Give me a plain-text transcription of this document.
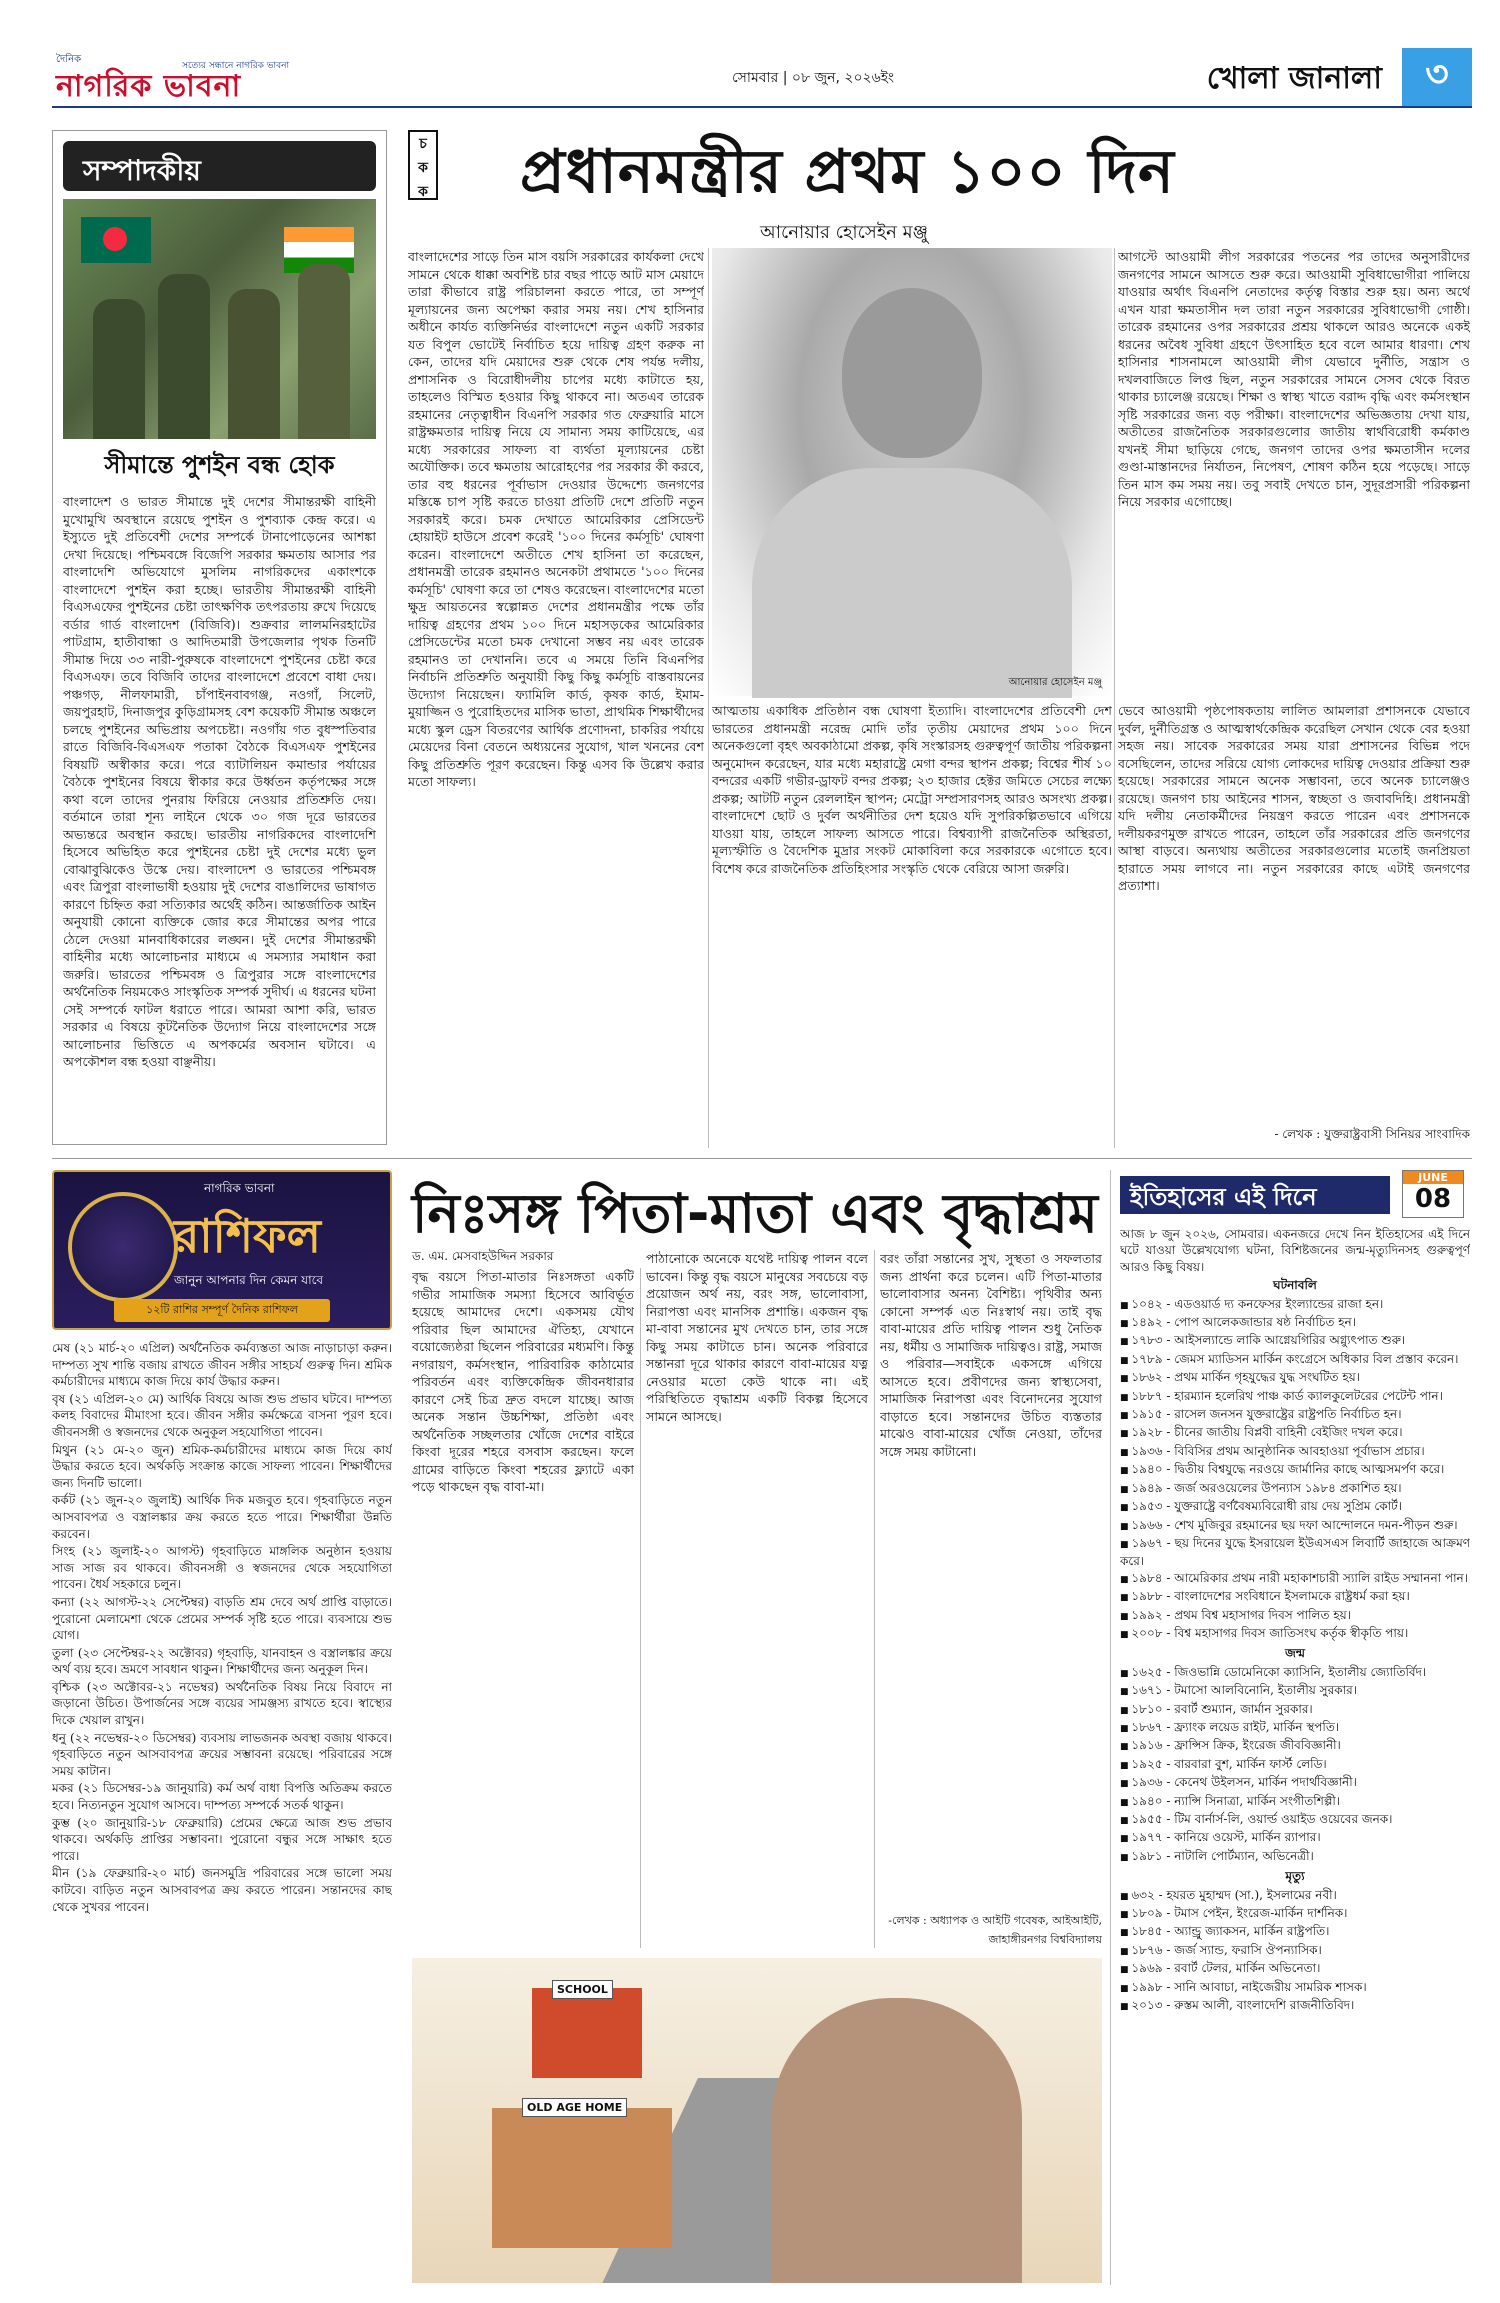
দৈনিক
নাগরিক ভাবনা
সত্যের সন্ধানে নাগরিক ভাবনা
সোমবার | ০৮ জুন, ২০২৬ইং	খোলা জানালা	৩
সম্পাদকীয়
সীমান্তে পুশইন বন্ধ হোক
বাংলাদেশ ও ভারত সীমান্তে দুই দেশের সীমান্তরক্ষী বাহিনী মুখোমুখি অবস্থানে রয়েছে পুশইন ও পুশব্যাক কেন্দ্র করে। এ ইস্যুতে দুই প্রতিবেশী দেশের সম্পর্কে টানাপোড়েনের আশঙ্কা দেখা দিয়েছে। পশ্চিমবঙ্গে বিজেপি সরকার ক্ষমতায় আসার পর বাংলাদেশি অভিযোগে মুসলিম নাগরিকদের একাংশকে বাংলাদেশে পুশইন করা হচ্ছে। ভারতীয় সীমান্তরক্ষী বাহিনী বিএসএফের পুশইনের চেষ্টা তাৎক্ষণিক তৎপরতায় রুখে দিয়েছে বর্ডার গার্ড বাংলাদেশ (বিজিবি)। শুক্রবার লালমনিরহাটের পাটগ্রাম, হাতীবান্ধা ও আদিতমারী উপজেলার পৃথক তিনটি সীমান্ত দিয়ে ৩৩ নারী-পুরুষকে বাংলাদেশে পুশইনের চেষ্টা করে বিএসএফ। তবে বিজিবি তাদের বাংলাদেশে প্রবেশে বাধা দেয়। পঞ্চগড়, নীলফামারী, চাঁপাইনবাবগঞ্জ, নওগাঁ, সিলেট, জয়পুরহাট, দিনাজপুর কুড়িগ্রামসহ বেশ কয়েকটি সীমান্ত অঞ্চলে চলছে পুশইনের অভিপ্রায় অপচেষ্টা। নওগাঁয় গত বুধস্পতিবার রাতে বিজিবি-বিএসএফ পতাকা বৈঠকে বিএসএফ পুশইনের বিষয়টি অস্বীকার করে। পরে ব্যাটালিয়ন কমান্ডার পর্যায়ের বৈঠকে পুশইনের বিষয়ে স্বীকার করে উর্ধ্বতন কর্তৃপক্ষের সঙ্গে কথা বলে তাদের পুনরায় ফিরিয়ে নেওয়ার প্রতিশ্রুতি দেয়। বর্তমানে তারা শূন্য লাইনে থেকে ৩০ গজ দূরে ভারতের অভ্যন্তরে অবস্থান করছে। ভারতীয় নাগরিকদের বাংলাদেশি হিসেবে অভিহিত করে পুশইনের চেষ্টা দুই দেশের মধ্যে ভুল বোঝাবুঝিকেও উস্কে দেয়। বাংলাদেশ ও ভারতের পশ্চিমবঙ্গ এবং ত্রিপুরা বাংলাভাষী হওয়ায় দুই দেশের বাঙালিদের ভাষাগত কারণে চিহ্নিত করা সত্যিকার অর্থেই কঠিন। আন্তর্জাতিক আইন অনুযায়ী কোনো ব্যক্তিকে জোর করে সীমান্তের অপর পারে ঠেলে দেওয়া মানবাধিকারের লঙ্ঘন। দুই দেশের সীমান্তরক্ষী বাহিনীর মধ্যে আলোচনার মাধ্যমে এ সমস্যার সমাধান করা জরুরি। ভারতের পশ্চিমবঙ্গ ও ত্রিপুরার সঙ্গে বাংলাদেশের অর্থনৈতিক নিয়মকেও সাংস্কৃতিক সম্পর্ক সুদীর্ঘ। এ ধরনের ঘটনা সেই সম্পর্কে ফাটল ধরাতে পারে। আমরা আশা করি, ভারত সরকার এ বিষয়ে কূটনৈতিক উদ্যোগ নিয়ে বাংলাদেশের সঙ্গে আলোচনার ভিত্তিতে এ অপকর্মের অবসান ঘটাবে। এ অপকৌশল বন্ধ হওয়া বাঞ্ছনীয়।
চ
ক
ক প্রধানমন্ত্রীর প্রথম ১০০ দিন
আনোয়ার হোসেইন মঞ্জু
বাংলাদেশের সাড়ে তিন মাস বয়সি সরকারের কার্যকলা দেখে সামনে থেকে ধাক্কা অবশিষ্ট চার বছর পাড়ে আট মাস মেয়াদে তারা কীভাবে রাষ্ট্র পরিচালনা করতে পারে, তা সম্পূর্ণ মূল্যায়নের জন্য অপেক্ষা করার সময় নয়। শেখ হাসিনার অধীনে কার্যত ব্যক্তিনির্ভর বাংলাদেশে নতুন একটি সরকার যত বিপুল ভোটেই নির্বাচিত হয়ে দায়িত্ব গ্রহণ করুক না কেন, তাদের যদি মেয়াদের শুরু থেকে শেষ পর্যন্ত দলীয়, প্রশাসনিক ও বিরোধীদলীয় চাপের মধ্যে কাটাতে হয়, তাহলেও বিস্মিত হওয়ার কিছু থাকবে না। অতএব তারেক রহমানের নেতৃত্বাধীন বিএনপি সরকার গত ফেব্রুয়ারি মাসে রাষ্ট্রক্ষমতার দায়িত্ব নিয়ে যে সামান্য সময় কাটিয়েছে, এর মধ্যে সরকারের সাফল্য বা ব্যর্থতা মূল্যায়নের চেষ্টা অযৌক্তিক। তবে ক্ষমতায় আরোহণের পর সরকার কী করবে, তার বহু ধরনের পূর্বাভাস দেওয়ার উদ্দেশ্যে জনগণের মস্তিষ্কে চাপ সৃষ্টি করতে চাওয়া প্রতিটি দেশে প্রতিটি নতুন সরকারই করে। চমক দেখাতে আমেরিকার প্রেসিডেন্ট হোয়াইট হাউসে প্রবেশ করেই '১০০ দিনের কর্মসূচি' ঘোষণা করেন। বাংলাদেশে অতীতে শেখ হাসিনা তা করেছেন, প্রধানমন্ত্রী তারেক রহমানও অনেকটা প্রথামতে '১০০ দিনের কর্মসূচি' ঘোষণা করে তা শেষও করেছেন। বাংলাদেশের মতো ক্ষুদ্র আয়তনের স্বল্পোন্নত দেশের প্রধানমন্ত্রীর পক্ষে তাঁর দায়িত্ব গ্রহণের প্রথম ১০০ দিনে মহাসড়কের আমেরিকার প্রেসিডেন্টের মতো চমক দেখানো সম্ভব নয় এবং তারেক রহমানও তা দেখাননি। তবে এ সময়ে তিনি বিএনপির নির্বাচনি প্রতিশ্রুতি অনুযায়ী কিছু কিছু কর্মসূচি বাস্তবায়নের উদ্যোগ নিয়েছেন। ফ্যামিলি কার্ড, কৃষক কার্ড, ইমাম-মুয়াজ্জিন ও পুরোহিতদের মাসিক ভাতা, প্রাথমিক শিক্ষার্থীদের মধ্যে স্কুল ড্রেস বিতরণের আর্থিক প্রণোদনা, চাকরির পর্যায়ে মেয়েদের বিনা বেতনে অধ্যয়নের সুযোগ, খাল খননের বেশ কিছু প্রতিশ্রুতি পূরণ করেছেন। কিন্তু এসব কি উল্লেখ করার মতো সাফল্য।
আনোয়ার হোসেইন মঞ্জু
আগস্টে আওয়ামী লীগ সরকারের পতনের পর তাদের অনুসারীদের জনগণের সামনে আসতে শুরু করে। আওয়ামী সুবিধাভোগীরা পালিয়ে যাওয়ার অর্থাৎ বিএনপি নেতাদের কর্তৃত্ব বিস্তার শুরু হয়। অন্য অর্থে এখন যারা ক্ষমতাসীন দল তারা নতুন সরকারের সুবিধাভোগী গোষ্ঠী। তারেক রহমানের ওপর সরকারের প্রশ্রয় থাকলে আরও অনেকে একই ধরনের অবৈধ সুবিধা গ্রহণে উৎসাহিত হবে বলে আমার ধারণা। শেখ হাসিনার শাসনামলে আওয়ামী লীগ যেভাবে দুর্নীতি, সন্ত্রাস ও দখলবাজিতে লিপ্ত ছিল, নতুন সরকারের সামনে সেসব থেকে বিরত থাকার চ্যালেঞ্জ রয়েছে। শিক্ষা ও স্বাস্থ্য খাতে বরাদ্দ বৃদ্ধি এবং কর্মসংস্থান সৃষ্টি সরকারের জন্য বড় পরীক্ষা। বাংলাদেশের অভিজ্ঞতায় দেখা যায়, অতীতের রাজনৈতিক সরকারগুলোর জাতীয় স্বার্থবিরোধী কর্মকাণ্ড যখনই সীমা ছাড়িয়ে গেছে, জনগণ তাদের ওপর ক্ষমতাসীন দলের গুণ্ডা-মাস্তানদের নির্যাতন, নিপেষণ, শোষণ কঠিন হয়ে পড়েছে। সাড়ে তিন মাস কম সময় নয়। তবু সবাই দেখতে চান, সুদূরপ্রসারী পরিকল্পনা নিয়ে সরকার এগোচ্ছে।
আত্মতায় একাধিক প্রতিষ্ঠান বন্ধ ঘোষণা ইত্যাদি। বাংলাদেশের প্রতিবেশী দেশ ভারতের প্রধানমন্ত্রী নরেন্দ্র মোদি তাঁর তৃতীয় মেয়াদের প্রথম ১০০ দিনে অনেকগুলো বৃহৎ অবকাঠামো প্রকল্প, কৃষি সংস্কারসহ গুরুত্বপূর্ণ জাতীয় পরিকল্পনা অনুমোদন করেছেন, যার মধ্যে মহারাষ্ট্রে মেগা বন্দর স্থাপন প্রকল্প; বিশ্বের শীর্ষ ১০ বন্দরের একটি গভীর-ড্রাফট বন্দর প্রকল্প; ২৩ হাজার হেক্টর জমিতে সেচের লক্ষ্যে প্রকল্প; আটটি নতুন রেললাইন স্থাপন; মেট্রো সম্প্রসারণসহ আরও অসংখ্য প্রকল্প। বাংলাদেশে ছোট ও দুর্বল অর্থনীতির দেশ হয়েও যদি সুপরিকল্পিতভাবে এগিয়ে যাওয়া যায়, তাহলে সাফল্য আসতে পারে। বিশ্বব্যাপী রাজনৈতিক অস্থিরতা, মূল্যস্ফীতি ও বৈদেশিক মুদ্রার সংকট মোকাবিলা করে সরকারকে এগোতে হবে। বিশেষ করে রাজনৈতিক প্রতিহিংসার সংস্কৃতি থেকে বেরিয়ে আসা জরুরি।
ভেবে আওয়ামী পৃষ্ঠপোষকতায় লালিত আমলারা প্রশাসনকে যেভাবে দুর্বল, দুর্নীতিগ্রস্ত ও আত্মস্বার্থকেন্দ্রিক করেছিল সেখান থেকে বের হওয়া সহজ নয়। সাবেক সরকারের সময় যারা প্রশাসনের বিভিন্ন পদে বসেছিলেন, তাদের সরিয়ে যোগ্য লোকদের দায়িত্ব দেওয়ার প্রক্রিয়া শুরু হয়েছে। সরকারের সামনে অনেক সম্ভাবনা, তবে অনেক চ্যালেঞ্জও রয়েছে। জনগণ চায় আইনের শাসন, স্বচ্ছতা ও জবাবদিহি। প্রধানমন্ত্রী যদি দলীয় নেতাকর্মীদের নিয়ন্ত্রণ করতে পারেন এবং প্রশাসনকে দলীয়করণমুক্ত রাখতে পারেন, তাহলে তাঁর সরকারের প্রতি জনগণের আস্থা বাড়বে। অন্যথায় অতীতের সরকারগুলোর মতোই জনপ্রিয়তা হারাতে সময় লাগবে না। নতুন সরকারের কাছে এটাই জনগণের প্রত্যাশা।
- লেখক : যুক্তরাষ্ট্রবাসী সিনিয়র সাংবাদিক
নাগরিক ভাবনা
রাশিফল
জানুন আপনার দিন কেমন যাবে
১২টি রাশির সম্পূর্ণ দৈনিক রাশিফল

মেষ (২১ মার্চ-২০ এপ্রিল) অর্থনৈতিক কর্মব্যস্ততা আজ নাড়াচাড়া করুন। দাম্পত্য সুখ শান্তি বজায় রাখতে জীবন সঙ্গীর সাহচর্য গুরুত্ব দিন। শ্রমিক কর্মচারীদের মাধ্যমে কাজ দিয়ে কার্য উদ্ধার করুন।

বৃষ (২১ এপ্রিল-২০ মে) আর্থিক বিষয়ে আজ শুভ প্রভাব ঘটবে। দাম্পত্য কলহ বিবাদের মীমাংসা হবে। জীবন সঙ্গীর কর্মক্ষেত্রে বাসনা পূরণ হবে। জীবনসঙ্গী ও স্বজনদের থেকে অনুকূল সহযোগিতা পাবেন।

মিথুন (২১ মে-২০ জুন) শ্রমিক-কর্মচারীদের মাধ্যমে কাজ দিয়ে কার্য উদ্ধার করতে হবে। অর্থকড়ি সংক্রান্ত কাজে সাফল্য পাবেন। শিক্ষার্থীদের জন্য দিনটি ভালো।

কর্কট (২১ জুন-২০ জুলাই) আর্থিক দিক মজবুত হবে। গৃহবাড়িতে নতুন আসবাবপত্র ও বস্ত্রালঙ্কার ক্রয় করতে হতে পারে। শিক্ষার্থীরা উন্নতি করবেন।

সিংহ (২১ জুলাই-২০ আগস্ট) গৃহবাড়িতে মাঙ্গলিক অনুষ্ঠান হওয়ায় সাজ সাজ রব থাকবে। জীবনসঙ্গী ও স্বজনদের থেকে সহযোগিতা পাবেন। ধৈর্য সহকারে চলুন।

কন্যা (২২ আগস্ট-২২ সেপ্টেম্বর) বাড়তি শ্রম দেবে অর্থ প্রাপ্তি বাড়াতে। পুরোনো মেলামেশা থেকে প্রেমের সম্পর্ক সৃষ্টি হতে পারে। ব্যবসায়ে শুভ যোগ।

তুলা (২৩ সেপ্টেম্বর-২২ অক্টোবর) গৃহবাড়ি, যানবাহন ও বস্ত্রালঙ্কার ক্রয়ে অর্থ ব্যয় হবে। ভ্রমণে সাবধান থাকুন। শিক্ষার্থীদের জন্য অনুকূল দিন।

বৃশ্চিক (২৩ অক্টোবর-২১ নভেম্বর) অর্থনৈতিক বিষয় নিয়ে বিবাদে না জড়ানো উচিত। উপার্জনের সঙ্গে ব্যয়ের সামঞ্জস্য রাখতে হবে। স্বাস্থ্যের দিকে খেয়াল রাখুন।

ধনু (২২ নভেম্বর-২০ ডিসেম্বর) ব্যবসায় লাভজনক অবস্থা বজায় থাকবে। গৃহবাড়িতে নতুন আসবাবপত্র ক্রয়ের সম্ভাবনা রয়েছে। পরিবারের সঙ্গে সময় কাটান।

মকর (২১ ডিসেম্বর-১৯ জানুয়ারি) কর্ম অর্থ বাধা বিপত্তি অতিক্রম করতে হবে। নিত্যনতুন সুযোগ আসবে। দাম্পত্য সম্পর্কে সতর্ক থাকুন।

কুম্ভ (২০ জানুয়ারি-১৮ ফেব্রুয়ারি) প্রেমের ক্ষেত্রে আজ শুভ প্রভাব থাকবে। অর্থকড়ি প্রাপ্তির সম্ভাবনা। পুরোনো বন্ধুর সঙ্গে সাক্ষাৎ হতে পারে।

মীন (১৯ ফেব্রুয়ারি-২০ মার্চ) জনসমুদ্রি পরিবারের সঙ্গে ভালো সময় কাটবে। বাড়িত নতুন আসবাবপত্র ক্রয় করতে পারেন। সন্তানদের কাছ থেকে সুখবর পাবেন।

নিঃসঙ্গ পিতা-মাতা এবং বৃদ্ধাশ্রম
ড. এম. মেসবাহউদ্দিন সরকার
বৃদ্ধ বয়সে পিতা-মাতার নিঃসঙ্গতা একটি গভীর সামাজিক সমস্যা হিসেবে আবির্ভূত হয়েছে আমাদের দেশে। একসময় যৌথ পরিবার ছিল আমাদের ঐতিহ্য, যেখানে বয়োজ্যেষ্ঠরা ছিলেন পরিবারের মধ্যমণি। কিন্তু নগরায়ণ, কর্মসংস্থান, পারিবারিক কাঠামোর পরিবর্তন এবং ব্যক্তিকেন্দ্রিক জীবনধারার কারণে সেই চিত্র দ্রুত বদলে যাচ্ছে। আজ অনেক সন্তান উচ্চশিক্ষা, প্রতিষ্ঠা এবং অর্থনৈতিক সচ্ছলতার খোঁজে দেশের বাইরে কিংবা দূরের শহরে বসবাস করছেন। ফলে গ্রামের বাড়িতে কিংবা শহরের ফ্ল্যাটে একা পড়ে থাকছেন বৃদ্ধ বাবা-মা।
পাঠানোকে অনেকে যথেষ্ট দায়িত্ব পালন বলে ভাবেন। কিন্তু বৃদ্ধ বয়সে মানুষের সবচেয়ে বড় প্রয়োজন অর্থ নয়, বরং সঙ্গ, ভালোবাসা, নিরাপত্তা এবং মানসিক প্রশান্তি। একজন বৃদ্ধ মা-বাবা সন্তানের মুখ দেখতে চান, তার সঙ্গে কিছু সময় কাটাতে চান। অনেক পরিবারে সন্তানরা দূরে থাকার কারণে বাবা-মায়ের যত্ন নেওয়ার মতো কেউ থাকে না। এই পরিস্থিতিতে বৃদ্ধাশ্রম একটি বিকল্প হিসেবে সামনে আসছে।
বরং তাঁরা সন্তানের সুখ, সুস্থতা ও সফলতার জন্য প্রার্থনা করে চলেন। এটি পিতা-মাতার ভালোবাসার অনন্য বৈশিষ্ট্য। পৃথিবীর অন্য কোনো সম্পর্ক এত নিঃস্বার্থ নয়। তাই বৃদ্ধ বাবা-মায়ের প্রতি দায়িত্ব পালন শুধু নৈতিক নয়, ধর্মীয় ও সামাজিক দায়িত্বও। রাষ্ট্র, সমাজ ও পরিবার—সবাইকে একসঙ্গে এগিয়ে আসতে হবে। প্রবীণদের জন্য স্বাস্থ্যসেবা, সামাজিক নিরাপত্তা এবং বিনোদনের সুযোগ বাড়াতে হবে। সন্তানদের উচিত ব্যস্ততার মাঝেও বাবা-মায়ের খোঁজ নেওয়া, তাঁদের সঙ্গে সময় কাটানো।
-লেখক : অধ্যাপক ও আইটি গবেষক, আইআইটি, জাহাঙ্গীরনগর বিশ্ববিদ্যালয়
SCHOOL
OLD AGE HOME
ইতিহাসের এই দিনে
JUNE
08

আজ ৮ জুন ২০২৬, সোমবার। একনজরে দেখে নিন ইতিহাসের এই দিনে ঘটে যাওয়া উল্লেখযোগ্য ঘটনা, বিশিষ্টজনের জন্ম-মৃত্যুদিনসহ গুরুত্বপূর্ণ আরও কিছু বিষয়।

ঘটনাবলি
■ ১০৪২ - এডওয়ার্ড দ্য কনফেসর ইংল্যান্ডের রাজা হন।
■ ১৪৯২ - পোপ আলেকজান্ডার ষষ্ঠ নির্বাচিত হন।
■ ১৭৮৩ - আইসল্যান্ডে লাকি আগ্নেয়গিরির অগ্ন্যুৎপাত শুরু।
■ ১৭৮৯ - জেমস ম্যাডিসন মার্কিন কংগ্রেসে অধিকার বিল প্রস্তাব করেন।
■ ১৮৬২ - প্রথম মার্কিন গৃহযুদ্ধের যুদ্ধ সংঘটিত হয়।
■ ১৮৮৭ - হারম্যান হলেরিথ পাঞ্চ কার্ড ক্যালকুলেটরের পেটেন্ট পান।
■ ১৯১৫ - রাসেল জনসন যুক্তরাষ্ট্রের রাষ্ট্রপতি নির্বাচিত হন।
■ ১৯২৮ - চীনের জাতীয় বিপ্লবী বাহিনী বেইজিং দখল করে।
■ ১৯৩৬ - বিবিসির প্রথম আনুষ্ঠানিক আবহাওয়া পূর্বাভাস প্রচার।
■ ১৯৪০ - দ্বিতীয় বিশ্বযুদ্ধে নরওয়ে জার্মানির কাছে আত্মসমর্পণ করে।
■ ১৯৪৯ - জর্জ অরওয়েলের উপন্যাস ১৯৮৪ প্রকাশিত হয়।
■ ১৯৫৩ - যুক্তরাষ্ট্রে বর্ণবৈষম্যবিরোধী রায় দেয় সুপ্রিম কোর্ট।
■ ১৯৬৬ - শেখ মুজিবুর রহমানের ছয় দফা আন্দোলনে দমন-পীড়ন শুরু।
■ ১৯৬৭ - ছয় দিনের যুদ্ধে ইসরায়েল ইউএসএস লিবার্টি জাহাজে আক্রমণ করে।
■ ১৯৮৪ - আমেরিকার প্রথম নারী মহাকাশচারী স্যালি রাইড সম্মাননা পান।
■ ১৯৮৮ - বাংলাদেশের সংবিধানে ইসলামকে রাষ্ট্রধর্ম করা হয়।
■ ১৯৯২ - প্রথম বিশ্ব মহাসাগর দিবস পালিত হয়।
■ ২০০৮ - বিশ্ব মহাসাগর দিবস জাতিসংঘ কর্তৃক স্বীকৃতি পায়।
জন্ম
■ ১৬২৫ - জিওভান্নি ডোমেনিকো ক্যাসিনি, ইতালীয় জ্যোতির্বিদ।
■ ১৬৭১ - টমাসো আলবিনোনি, ইতালীয় সুরকার।
■ ১৮১০ - রবার্ট শুম্যান, জার্মান সুরকার।
■ ১৮৬৭ - ফ্র্যাংক লয়েড রাইট, মার্কিন স্থপতি।
■ ১৯১৬ - ফ্রান্সিস ক্রিক, ইংরেজ জীববিজ্ঞানী।
■ ১৯২৫ - বারবারা বুশ, মার্কিন ফার্স্ট লেডি।
■ ১৯৩৬ - কেনেথ উইলসন, মার্কিন পদার্থবিজ্ঞানী।
■ ১৯৪০ - ন্যান্সি সিনাত্রা, মার্কিন সংগীতশিল্পী।
■ ১৯৫৫ - টিম বার্নার্স-লি, ওয়ার্ল্ড ওয়াইড ওয়েবের জনক।
■ ১৯৭৭ - কানিয়ে ওয়েস্ট, মার্কিন র‌্যাপার।
■ ১৯৮১ - নাটালি পোর্টম্যান, অভিনেত্রী।
মৃত্যু
■ ৬৩২ - হযরত মুহাম্মদ (সা.), ইসলামের নবী।
■ ১৮০৯ - টমাস পেইন, ইংরেজ-মার্কিন দার্শনিক।
■ ১৮৪৫ - অ্যান্ড্রু জ্যাকসন, মার্কিন রাষ্ট্রপতি।
■ ১৮৭৬ - জর্জ স্যান্ড, ফরাসি ঔপন্যাসিক।
■ ১৯৬৯ - রবার্ট টেলর, মার্কিন অভিনেতা।
■ ১৯৯৮ - সানি আবাচা, নাইজেরীয় সামরিক শাসক।
■ ২০১৩ - রুস্তম আলী, বাংলাদেশি রাজনীতিবিদ।
